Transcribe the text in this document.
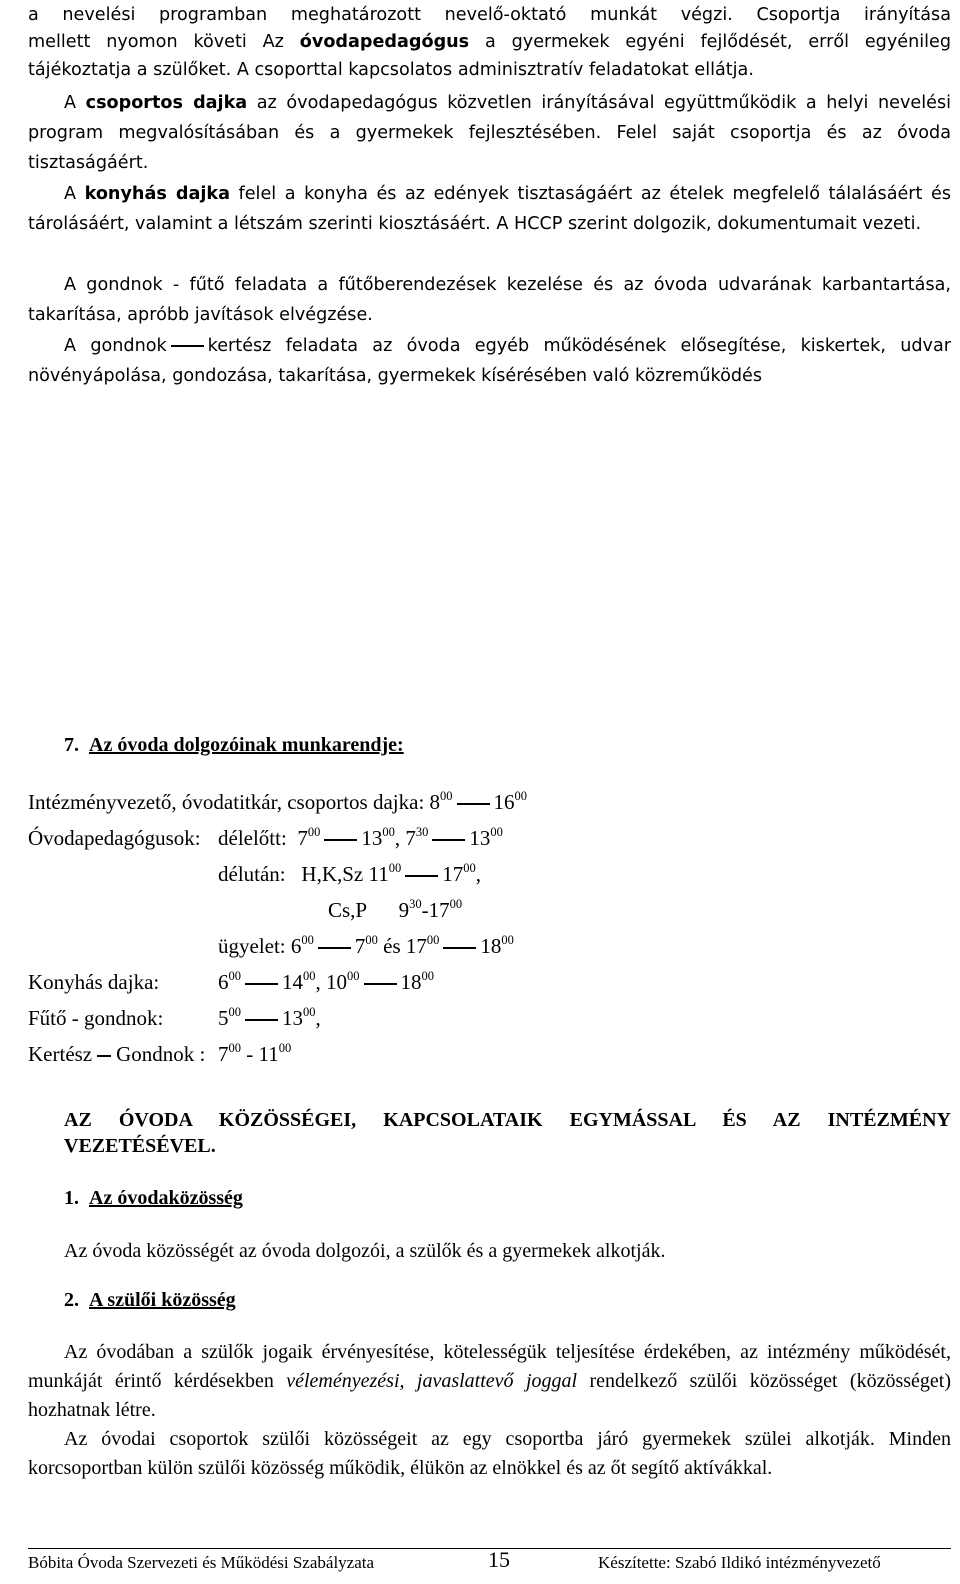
a nevelési programban meghatározott nevelő-oktató munkát végzi. Csoportja irányítása
mellett nyomon követi Az óvodapedagógus a gyermekek egyéni fejlődését, erről egyénileg
tájékoztatja a szülőket. A csoporttal kapcsolatos adminisztratív feladatokat ellátja.

A csoportos dajka az óvodapedagógus közvetlen irányításával együttműködik a helyi nevelési program megvalósításában és a gyermekek fejlesztésében. Felel saját csoportja és az óvoda tisztaságáért.

A konyhás dajka felel a konyha és az edények tisztaságáért az ételek megfelelő tálalásáért és tárolásáért, valamint a létszám szerinti kiosztásáért. A HCCP szerint dolgozik, dokumentumait vezeti.

A gondnok - fűtő feladata a fűtőberendezések kezelése és az óvoda udvarának karbantartása, takarítása, apróbb javítások elvégzése.

A gondnok kertész feladata az óvoda egyéb működésének elősegítése, kiskertek, udvar növényápolása, gondozása, takarítása, gyermekek kísérésében való közreműködés

7. Az óvoda dolgozóinak munkarendje:
Intézményvezető, óvodatitkár, csoportos dajka: $8^{00}$ $16^{00}$
Óvodapedagógusok: délelőtt: $7^{00}$ $13^{00}$, $7^{30}$ $13^{00}$
délután: H,K,Sz $11^{00}$ $17^{00}$,
Cs,P $9^{30}-17^{00}$
ügyelet: $6^{00}$ $7^{00}$ és $17^{00}$ $18^{00}$
Konyhás dajka:	$6^{00}$ $14^{00}$, $10^{00}$ $18^{00}$
Fűtő - gondnok:	$5^{00}$ $13^{00}$,
Kertész Gondnok : $7^{00} - 11^{00}$
AZ ÓVODA KÖZÖSSÉGEI, KAPCSOLATAIK EGYMÁSSAL ÉS AZ INTÉZMÉNY
VEZETÉSÉVEL.
1. Az óvodaközösség
Az óvoda közösségét az óvoda dolgozói, a szülők és a gyermekek alkotják.
2. A szülői közösség

Az óvodában a szülők jogaik érvényesítése, kötelességük teljesítése érdekében, az intézmény működését, munkáját érintő kérdésekben véleményezési, javaslattevő joggal rendelkező szülői közösséget (közösséget) hozhatnak létre.

Az óvodai csoportok szülői közösségeit az egy csoportba járó gyermekek szülei alkotják. Minden korcsoportban külön szülői közösség működik, élükön az elnökkel és az őt segítő aktívákkal.

Bóbita Óvoda Szervezeti és Működési Szabályzata	15	Készítette: Szabó Ildikó intézményvezető
